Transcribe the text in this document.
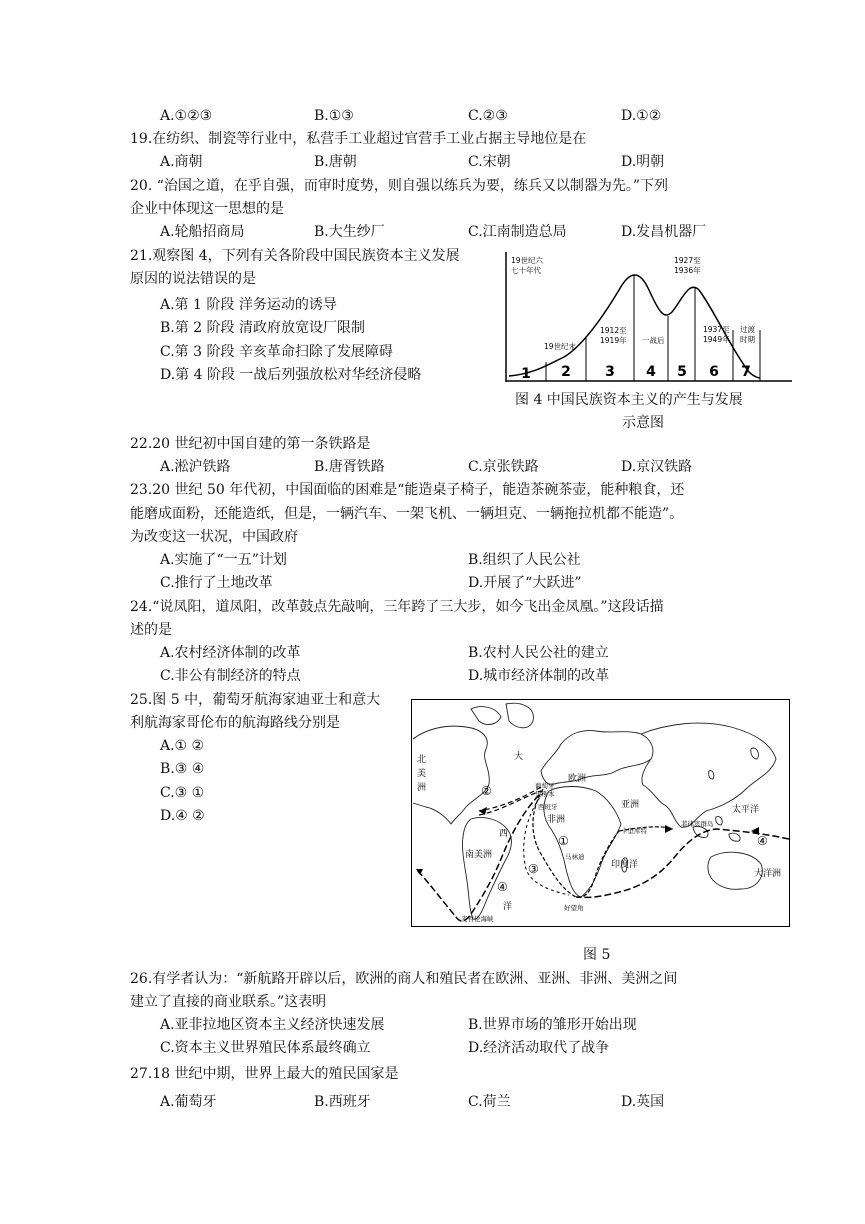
A.①②③	B.①③	C.②③	D.①②
19.在纺织、制瓷等行业中，私营手工业超过官营手工业占据主导地位是在
A.商朝	B.唐朝	C.宋朝	D.明朝
20. “治国之道，在乎自强，而审时度势，则自强以练兵为要，练兵又以制器为先。”下列
企业中体现这一思想的是
A.轮船招商局	B.大生纱厂	C.江南制造总局	D.发昌机器厂
21.观察图 4，下列有关各阶段中国民族资本主义发展
原因的说法错误的是
A.第 1 阶段 洋务运动的诱导
B.第 2 阶段 清政府放宽设厂限制
C.第 3 阶段 辛亥革命扫除了发展障碍
D.第 4 阶段 一战后列强放松对华经济侵略	1 2 3 4 5 6 7
19世纪六
七十年代
19世纪末
1912至
1919年 一战后
1927至
1936年
1937至
1949年
过渡
时期
图 4 中国民族资本主义的产生与发展
示意图
22.20 世纪初中国自建的第一条铁路是
A.淞沪铁路	B.唐胥铁路	C.京张铁路	D.京汉铁路
23.20 世纪 50 年代初，中国面临的困难是“能造桌子椅子，能造茶碗茶壶，能种粮食，还
能磨成面粉，还能造纸，但是，一辆汽车、一架飞机、一辆坦克、一辆拖拉机都不能造”。
为改变这一状况，中国政府
A.实施了“一五”计划	B.组织了人民公社
C.推行了土地改革	D.开展了“大跃进”
24.“说凤阳，道凤阳，改革鼓点先敲响，三年跨了三大步，如今飞出金凤凰。”这段话描
述的是
A.农村经济体制的改革	B.农村人民公社的建立
C.非公有制经济的特点	D.城市经济体制的改革
25.图 5 中，葡萄牙航海家迪亚士和意大
利航海家哥伦布的航海路线分别是
A.① ②
B.③ ④
C.③ ①
D.④ ②
北
美
洲
大
西
洋
欧洲
亚洲
非洲
南美洲
印度洋
太平洋
大洋洲
葡萄牙
里斯本
西班牙
卡里库特
马林迪
菲律宾群岛
好望角
麦哲伦海峡
①
②
③
④
④
图 5
26.有学者认为：“新航路开辟以后，欧洲的商人和殖民者在欧洲、亚洲、非洲、美洲之间
建立了直接的商业联系。”这表明
A.亚非拉地区资本主义经济快速发展	B.世界市场的雏形开始出现
C.资本主义世界殖民体系最终确立	D.经济活动取代了战争
27.18 世纪中期，世界上最大的殖民国家是
A.葡萄牙	B.西班牙	C.荷兰	D.英国
